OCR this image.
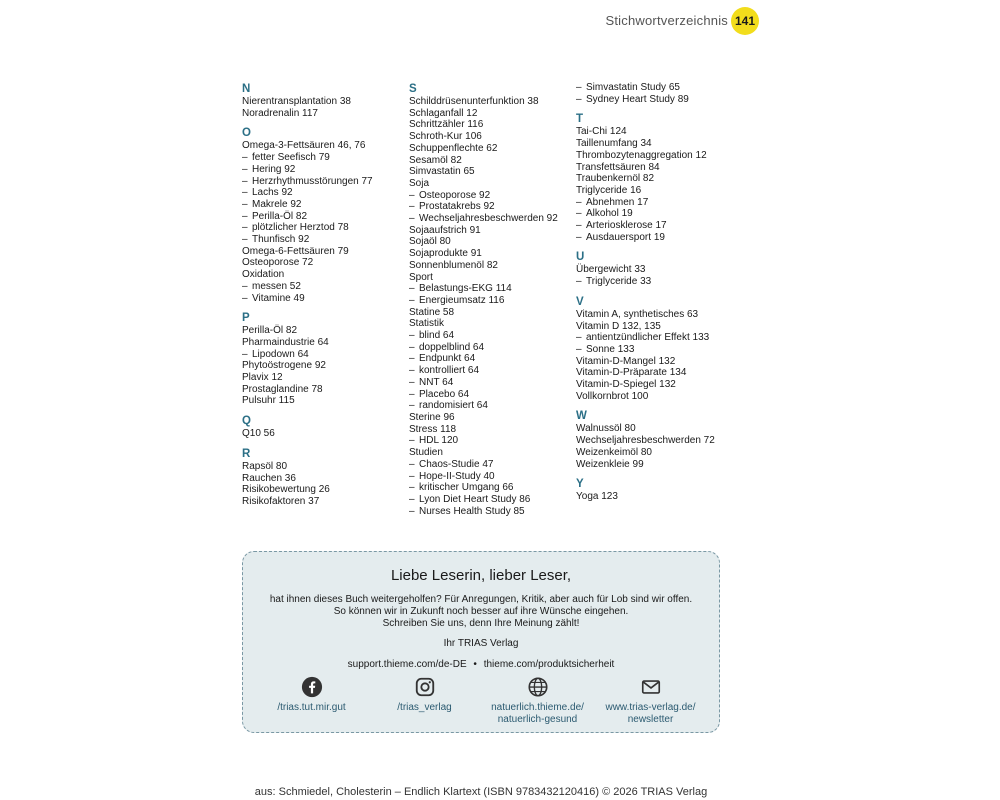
Stichwortverzeichnis 141
N
Nierentransplantation 38
Noradrenalin 117
O
Omega-3-Fettsäuren 46, 76
– fetter Seefisch 79
– Hering 92
– Herzrhythmusstörungen 77
– Lachs 92
– Makrele 92
– Perilla-Öl 82
– plötzlicher Herztod 78
– Thunfisch 92
Omega-6-Fettsäuren 79
Osteoporose 72
Oxidation
– messen 52
– Vitamine 49
P
Perilla-Öl 82
Pharmaindustrie 64
– Lipodown 64
Phytoöstrogene 92
Plavix 12
Prostaglandine 78
Pulsuhr 115
Q
Q10 56
R
Rapsöl 80
Rauchen 36
Risikobewertung 26
Risikofaktoren 37
S
Schilddrüsenunterfunktion 38
Schlaganfall 12
Schrittzähler 116
Schroth-Kur 106
Schuppenflechte 62
Sesamöl 82
Simvastatin 65
Soja
– Osteoporose 92
– Prostatakrebs 92
– Wechseljahresbeschwerden 92
Sojaaufstrich 91
Sojaöl 80
Sojaprodukte 91
Sonnenblumenöl 82
Sport
– Belastungs-EKG 114
– Energieumsatz 116
Statine 58
Statistik
– blind 64
– doppelblind 64
– Endpunkt 64
– kontrolliert 64
– NNT 64
– Placebo 64
– randomisiert 64
Sterine 96
Stress 118
– HDL 120
Studien
– Chaos-Studie 47
– Hope-II-Study 40
– kritischer Umgang 66
– Lyon Diet Heart Study 86
– Nurses Health Study 85
– Simvastatin Study 65
– Sydney Heart Study 89
T
Tai-Chi 124
Taillenumfang 34
Thrombozytenaggregation 12
Transfettsäuren 84
Traubenkernöl 82
Triglyceride 16
– Abnehmen 17
– Alkohol 19
– Arteriosklerose 17
– Ausdauersport 19
U
Übergewicht 33
– Triglyceride 33
V
Vitamin A, synthetisches 63
Vitamin D 132, 135
– antientzündlicher Effekt 133
– Sonne 133
Vitamin-D-Mangel 132
Vitamin-D-Präparate 134
Vitamin-D-Spiegel 132
Vollkornbrot 100
W
Walnussöl 80
Wechseljahresbeschwerden 72
Weizenkeimöl 80
Weizenkleie 99
Y
Yoga 123
Liebe Leserin, lieber Leser,
hat ihnen dieses Buch weitergeholfen? Für Anregungen, Kritik, aber auch für Lob sind wir offen.
So können wir in Zukunft noch besser auf ihre Wünsche eingehen.
Schreiben Sie uns, denn Ihre Meinung zählt!
Ihr TRIAS Verlag
support.thieme.com/de-DE • thieme.com/produktsicherheit
/trias.tut.mir.gut	/trias_verlag	natuerlich.thieme.de/
natuerlich-gesund
www.trias-verlag.de/
newsletter
aus: Schmiedel, Cholesterin – Endlich Klartext (ISBN 9783432120416) © 2026 TRIAS Verlag
